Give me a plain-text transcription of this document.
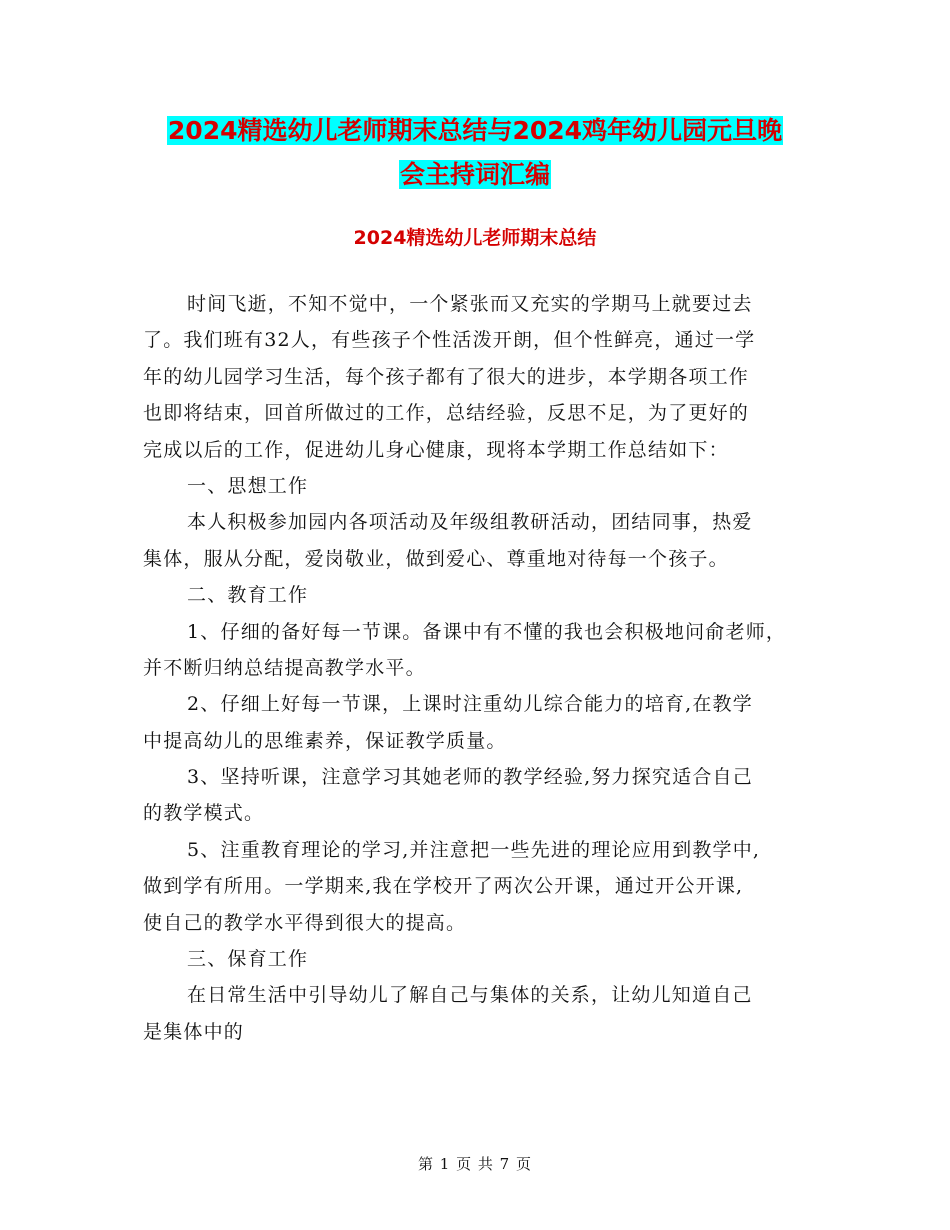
2024精选幼儿老师期末总结与2024鸡年幼儿园元旦晚
会主持词汇编
2024精选幼儿老师期末总结
时间飞逝，不知不觉中，一个紧张而又充实的学期马上就要过去
了。我们班有32人，有些孩子个性活泼开朗，但个性鲜亮，通过一学
年的幼儿园学习生活，每个孩子都有了很大的进步，本学期各项工作
也即将结束，回首所做过的工作，总结经验，反思不足，为了更好的
完成以后的工作，促进幼儿身心健康，现将本学期工作总结如下：
一、思想工作
本人积极参加园内各项活动及年级组教研活动，团结同事，热爱
集体，服从分配，爱岗敬业，做到爱心、尊重地对待每一个孩子。
二、教育工作
1、仔细的备好每一节课。备课中有不懂的我也会积极地问俞老师，
并不断归纳总结提高教学水平。
2、仔细上好每一节课，上课时注重幼儿综合能力的培育,在教学
中提高幼儿的思维素养，保证教学质量。
3、坚持听课，注意学习其她老师的教学经验,努力探究适合自己
的教学模式。
5、注重教育理论的学习,并注意把一些先进的理论应用到教学中,
做到学有所用。一学期来,我在学校开了两次公开课，通过开公开课,
使自己的教学水平得到很大的提高。
三、保育工作
在日常生活中引导幼儿了解自己与集体的关系，让幼儿知道自己
是集体中的
第 1 页 共 7 页
